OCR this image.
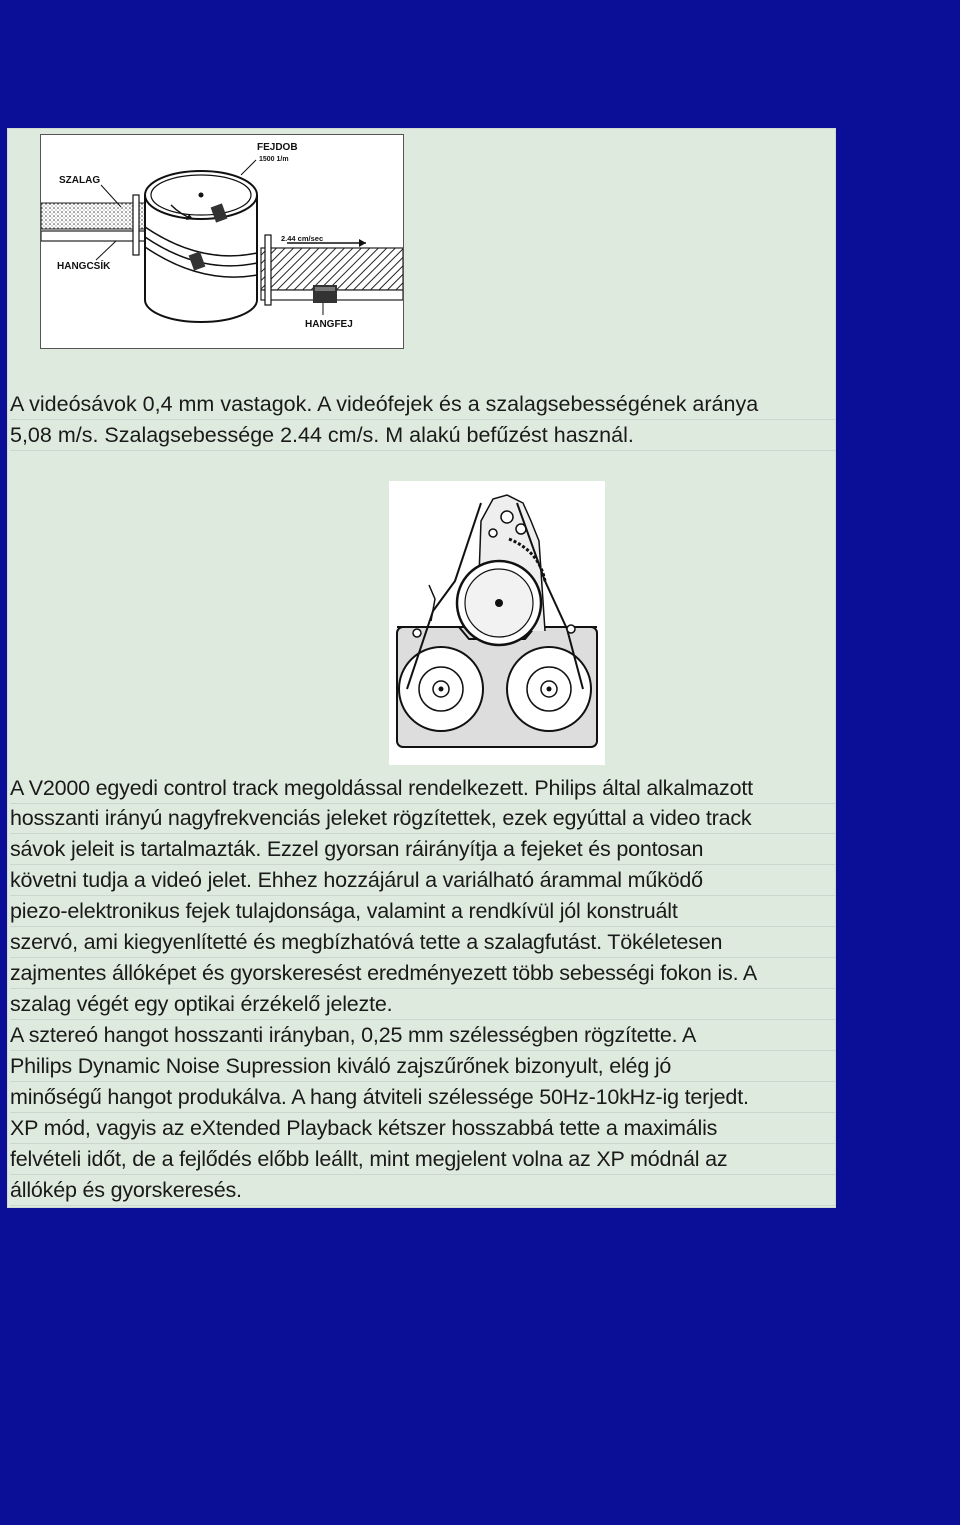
FEJDOB
1500 1/m
SZALAG
2.44 cm/sec
HANGCSÍK
HANGFEJ
A videósávok 0,4 mm vastagok. A videófejek és a szalagsebességének aránya
5,08 m/s. Szalagsebessége 2.44 cm/s. M alakú befűzést használ.
A V2000 egyedi control track megoldással rendelkezett. Philips által alkalmazott
hosszanti irányú nagyfrekvenciás jeleket rögzítettek, ezek egyúttal a video track
sávok jeleit is tartalmazták. Ezzel gyorsan ráirányítja a fejeket és pontosan
követni tudja a videó jelet. Ehhez hozzájárul a variálható árammal működő
piezo-elektronikus fejek tulajdonsága, valamint a rendkívül jól konstruált
szervó, ami kiegyenlítetté és megbízhatóvá tette a szalagfutást. Tökéletesen
zajmentes állóképet és gyorskeresést eredményezett több sebességi fokon is. A
szalag végét egy optikai érzékelő jelezte.
A sztereó hangot hosszanti irányban, 0,25 mm szélességben rögzítette. A
Philips Dynamic Noise Supression kiváló zajszűrőnek bizonyult, elég jó
minőségű hangot produkálva. A hang átviteli szélessége 50Hz-10kHz-ig terjedt.
XP mód, vagyis az eXtended Playback kétszer hosszabbá tette a maximális
felvételi időt, de a fejlődés előbb leállt, mint megjelent volna az XP módnál az
állókép és gyorskeresés.
